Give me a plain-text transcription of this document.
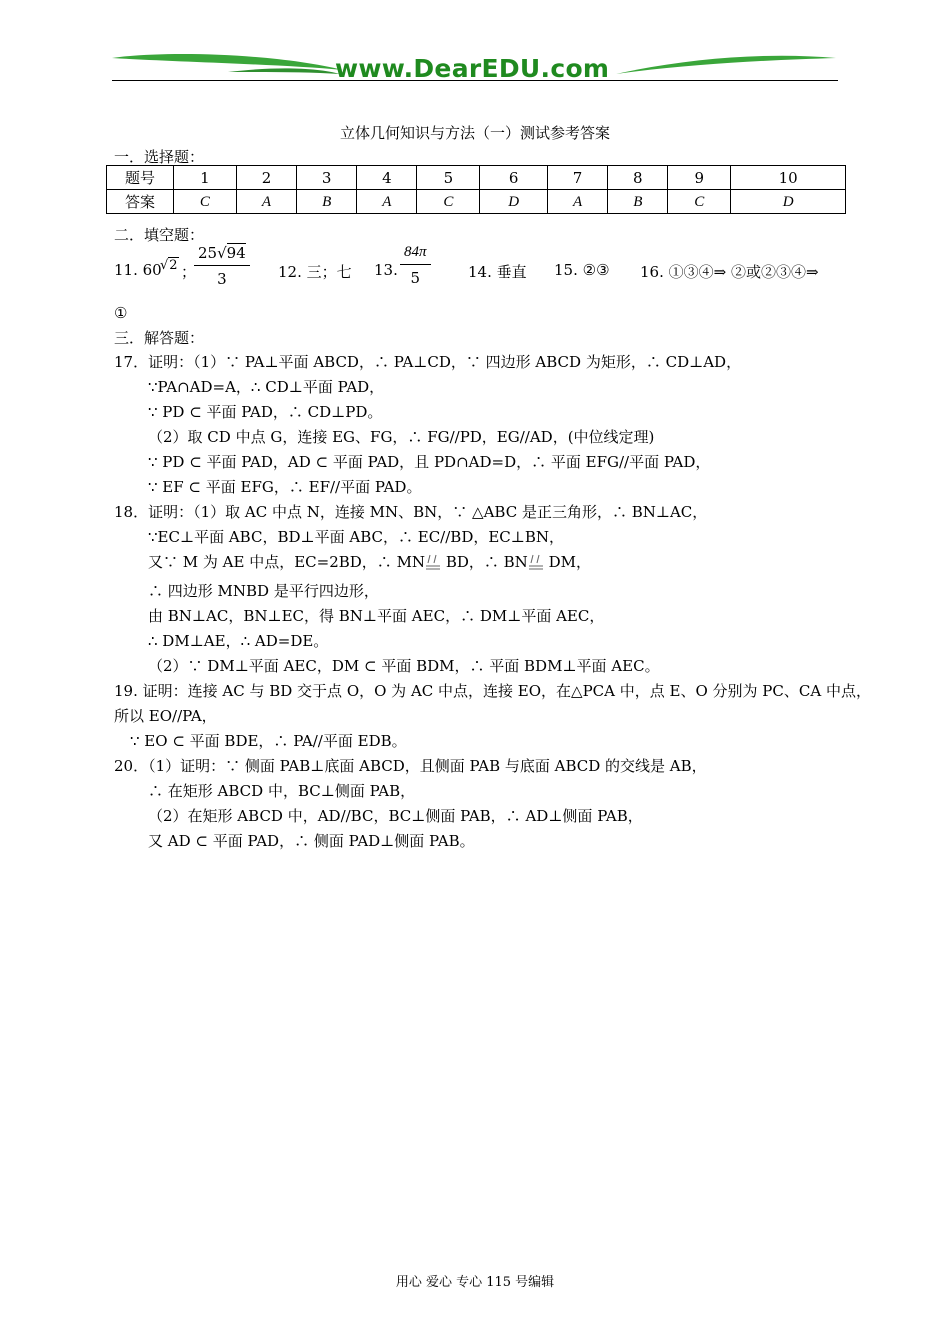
www.DearEDU.com
立体几何知识与方法（一）测试参考答案
一．选择题：
题号	1	2	3	4	5	6	7	8	9	10
答案	C	A	B	A	C	D	A	B	C	D
二．填空题：
11. 60
√2 ；
$\frac{25√94}{3} 12$. 三；七 13. $\frac{84\pi}{5} 14$. 垂直 15. ②③ 16. ①③④⇒ ②或②③④⇒
①
三．解答题：
17．证明：（1）∵ PA⊥平面 ABCD，∴ PA⊥CD，∵ 四边形 ABCD 为矩形，∴ CD⊥AD，
∵PA∩AD=A，∴ CD⊥平面 PAD，
∵ PD ⊂ 平面 PAD，∴ CD⊥PD。
（2）取 CD 中点 G，连接 EG、FG，∴ FG//PD，EG//AD，(中位线定理)
∵ PD ⊂ 平面 PAD，AD ⊂ 平面 PAD，且 PD∩AD=D，∴ 平面 EFG//平面 PAD，
∵ EF ⊂ 平面 EFG，∴ EF//平面 PAD。
18．证明：（1）取 AC 中点 N，连接 MN、BN，∵ △ABC 是正三角形，∴ BN⊥AC，
∵EC⊥平面 ABC，BD⊥平面 ABC，∴ EC//BD，EC⊥BN，
又∵ M 为 AE 中点，EC=2BD，∴ MN BD，∴ BN DM，
∴ 四边形 MNBD 是平行四边形，
由 BN⊥AC，BN⊥EC，得 BN⊥平面 AEC，∴ DM⊥平面 AEC，
∴ DM⊥AE，∴ AD=DE。
（2）∵ DM⊥平面 AEC，DM ⊂ 平面 BDM，∴ 平面 BDM⊥平面 AEC。
19. 证明：连接 AC 与 BD 交于点 O，O 为 AC 中点，连接 EO，在△PCA 中，点 E、O 分别为 PC、CA 中点，
所以 EO//PA，
∵ EO ⊂ 平面 BDE，∴ PA//平面 EDB。
20．（1）证明：∵ 侧面 PAB⊥底面 ABCD，且侧面 PAB 与底面 ABCD 的交线是 AB，
∴ 在矩形 ABCD 中，BC⊥侧面 PAB，
（2）在矩形 ABCD 中，AD//BC，BC⊥侧面 PAB，∴ AD⊥侧面 PAB，
又 AD ⊂ 平面 PAD，∴ 侧面 PAD⊥侧面 PAB。
用心 爱心 专心 115 号编辑
